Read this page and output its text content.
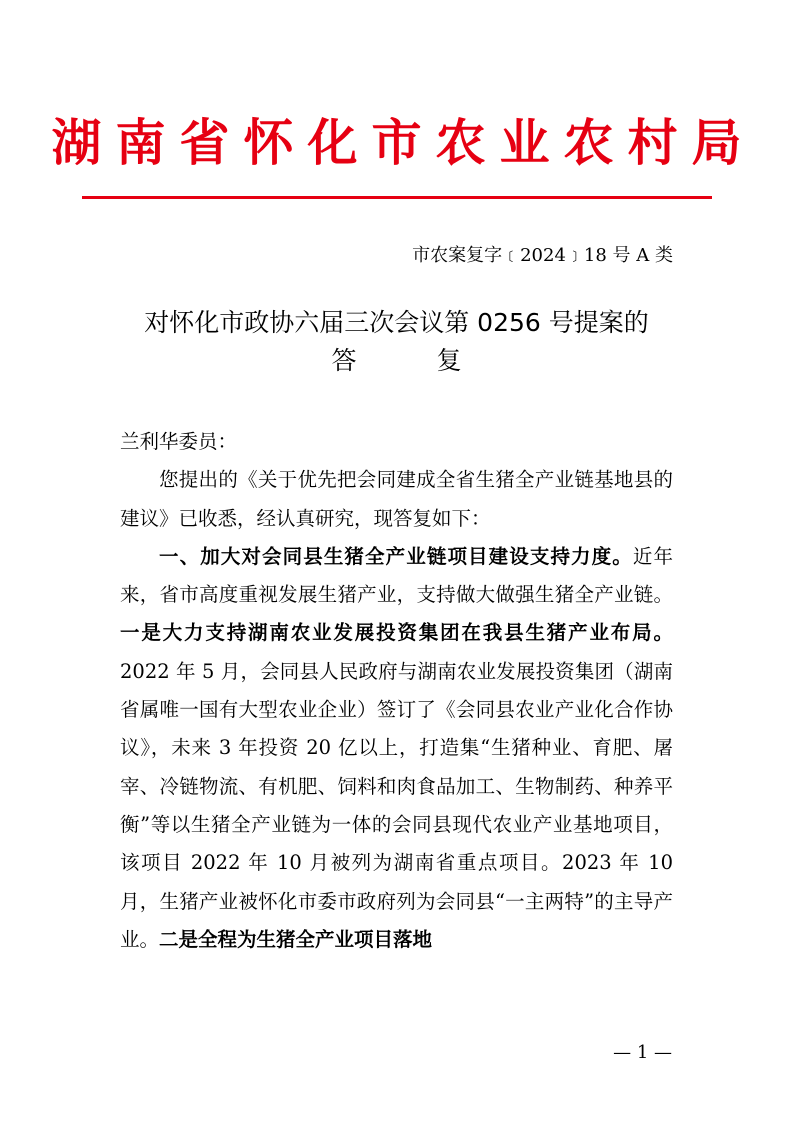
湖南省怀化市农业农村局
市农案复字﹝2024﹞18 号 A 类
对怀化市政协六届三次会议第 0256 号提案的
答复

兰利华委员：

您提出的《关于优先把会同建成全省生猪全产业链基地县的建议》已收悉，经认真研究，现答复如下：

一、加大对会同县生猪全产业链项目建设支持力度。近年来，省市高度重视发展生猪产业，支持做大做强生猪全产业链。一是大力支持湖南农业发展投资集团在我县生猪产业布局。2022 年 5 月，会同县人民政府与湖南农业发展投资集团（湖南省属唯一国有大型农业企业）签订了《会同县农业产业化合作协议》，未来 3 年投资 20 亿以上，打造集“生猪种业、育肥、屠宰、冷链物流、有机肥、饲料和肉食品加工、生物制药、种养平衡”等以生猪全产业链为一体的会同县现代农业产业基地项目，该项目 2022 年 10 月被列为湖南省重点项目。2023 年 10 月，生猪产业被怀化市委市政府列为会同县“一主两特”的主导产业。二是全程为生猪全产业项目落地

— 1 —
